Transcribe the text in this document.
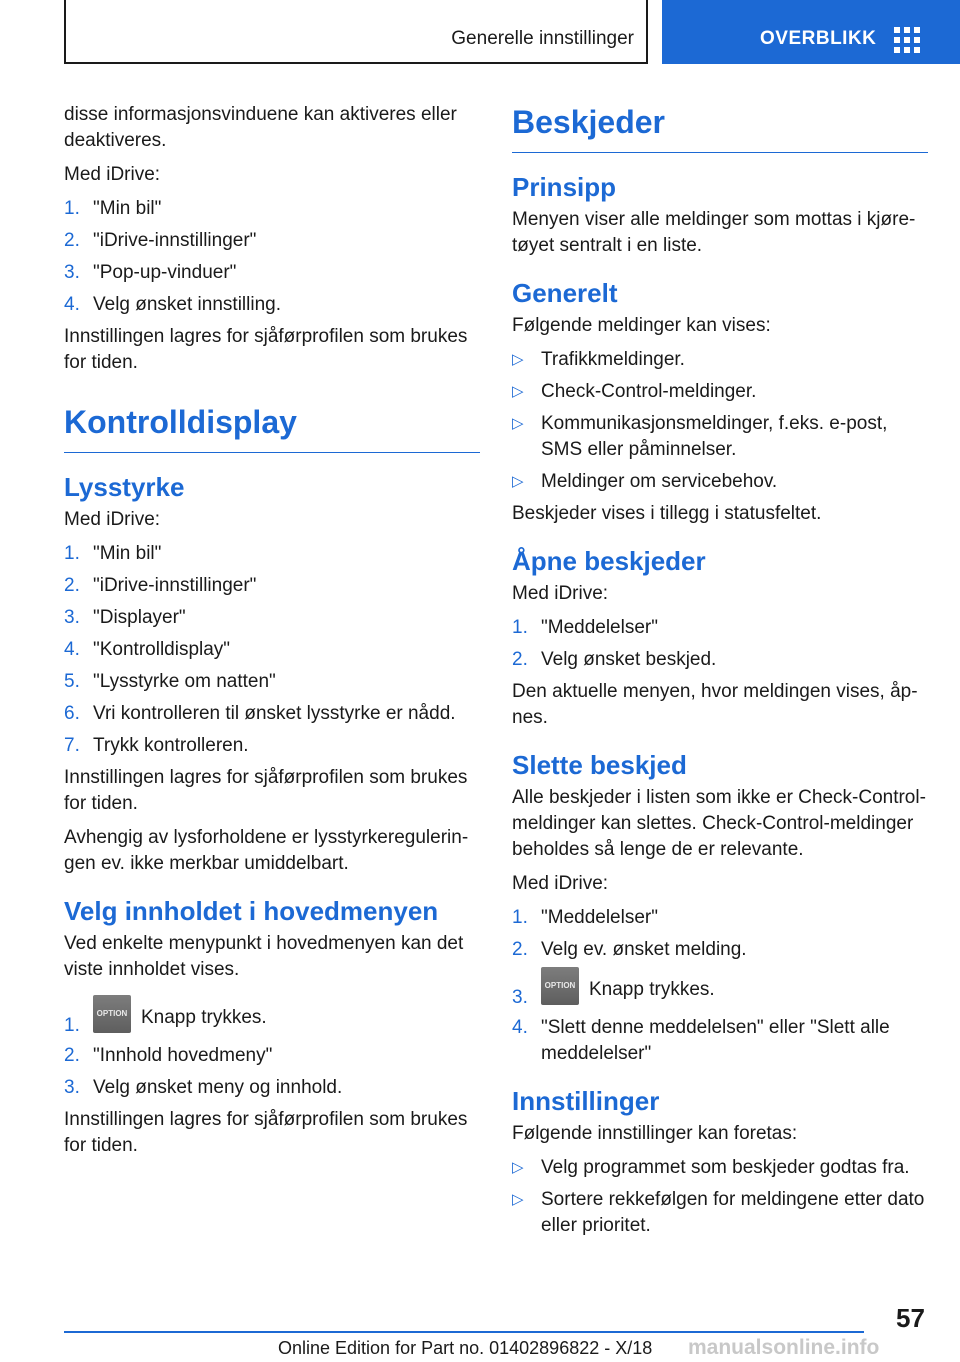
Generelle innstillinger	OVERBLIKK

disse informasjonsvinduene kan aktiveres eller deaktiveres.

Med iDrive:

1. "Min bil"
2. "iDrive-innstillinger"
3. "Pop-up-vinduer"
4. Velg ønsket innstilling.

Innstillingen lagres for sjåførprofilen som brukes for tiden.

Kontrolldisplay
Lysstyrke

Med iDrive:

1. "Min bil"
2. "iDrive-innstillinger"
3. "Displayer"
4. "Kontrolldisplay"
5. "Lysstyrke om natten"
6. Vri kontrolleren til ønsket lysstyrke er nådd.
7. Trykk kontrolleren.

Innstillingen lagres for sjåførprofilen som brukes for tiden.

Avhengig av lysforholdene er lysstyrkereguleringen ev. ikke merkbar umiddelbart.

Velg innholdet i hovedmenyen

Ved enkelte menypunkt i hovedmenyen kan det viste innholdet vises.

1.
OPTION Knapp trykkes.
2. "Innhold hovedmeny"
3. Velg ønsket meny og innhold.

Innstillingen lagres for sjåførprofilen som brukes for tiden.

Beskjeder
Prinsipp

Menyen viser alle meldinger som mottas i kjøretøyet sentralt i en liste.

Generelt

Følgende meldinger kan vises:

▷ Trafikkmeldinger.
▷ Check-Control-meldinger.
▷ Kommunikasjonsmeldinger, f.eks. e-post, SMS eller påminnelser.
▷ Meldinger om servicebehov.

Beskjeder vises i tillegg i statusfeltet.

Åpne beskjeder

Med iDrive:

1. "Meddelelser"
2. Velg ønsket beskjed.

Den aktuelle menyen, hvor meldingen vises, åpnes.

Slette beskjed

Alle beskjeder i listen som ikke er Check-Control-meldinger kan slettes. Check-Control-meldinger beholdes så lenge de er relevante.

Med iDrive:

1. "Meddelelser"
2. Velg ev. ønsket melding.
3.
OPTION Knapp trykkes.
4. "Slett denne meddelelsen" eller "Slett alle meddelelser"
Innstillinger

Følgende innstillinger kan foretas:

▷ Velg programmet som beskjeder godtas fra.
▷ Sortere rekkefølgen for meldingene etter dato eller prioritet.
57
Online Edition for Part no. 01402896822 - X/18 manualsonline.info
